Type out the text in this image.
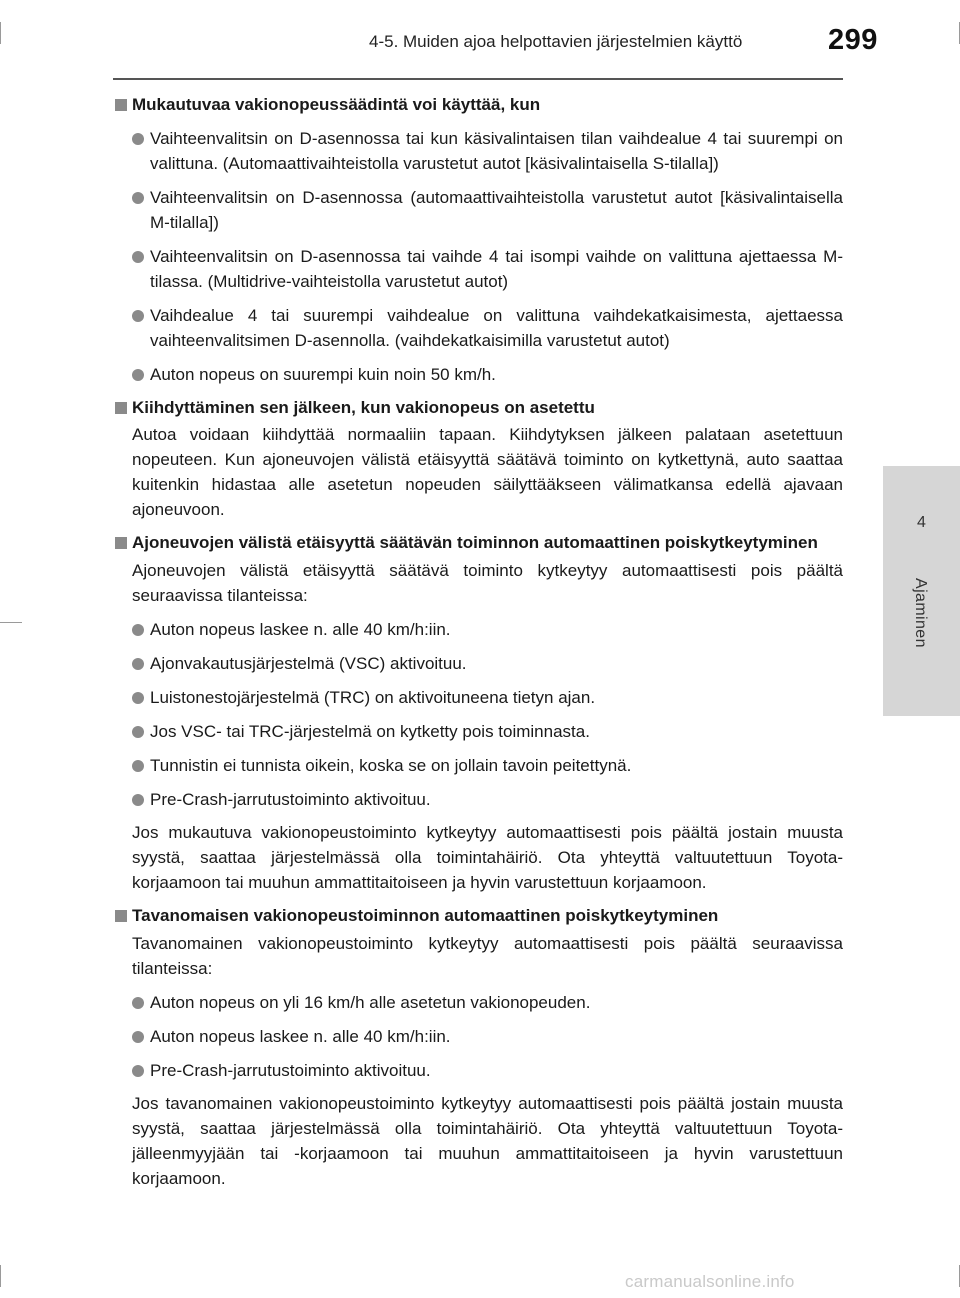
4-5. Muiden ajoa helpottavien järjestelmien käyttö	299
4
Ajaminen
Mukautuvaa vakionopeussäädintä voi käyttää, kun
Vaihteenvalitsin on D-asennossa tai kun käsivalintaisen tilan vaihdealue 4 tai suurempi on valittuna. (Automaattivaihteistolla varustetut autot [käsivalintaisella S-tilalla])
Vaihteenvalitsin on D-asennossa (automaattivaihteistolla varustetut autot [käsivalintaisella M-tilalla])
Vaihteenvalitsin on D-asennossa tai vaihde 4 tai isompi vaihde on valittuna ajettaessa M-tilassa. (Multidrive-vaihteistolla varustetut autot)
Vaihdealue 4 tai suurempi vaihdealue on valittuna vaihdekatkaisimesta, ajettaessa vaihteenvalitsimen D-asennolla. (vaihdekatkaisimilla varustetut autot)
Auton nopeus on suurempi kuin noin 50 km/h.
Kiihdyttäminen sen jälkeen, kun vakionopeus on asetettu
Autoa voidaan kiihdyttää normaaliin tapaan. Kiihdytyksen jälkeen palataan asetettuun nopeuteen. Kun ajoneuvojen välistä etäisyyttä säätävä toiminto on kytkettynä, auto saattaa kuitenkin hidastaa alle asetetun nopeuden säilyttääkseen välimatkansa edellä ajavaan ajoneuvoon.
Ajoneuvojen välistä etäisyyttä säätävän toiminnon automaattinen poiskytkeytyminen
Ajoneuvojen välistä etäisyyttä säätävä toiminto kytkeytyy automaattisesti pois päältä seuraavissa tilanteissa:
Auton nopeus laskee n. alle 40 km/h:iin.
Ajonvakautusjärjestelmä (VSC) aktivoituu.
Luistonestojärjestelmä (TRC) on aktivoituneena tietyn ajan.
Jos VSC- tai TRC-järjestelmä on kytketty pois toiminnasta.
Tunnistin ei tunnista oikein, koska se on jollain tavoin peitettynä.
Pre-Crash-jarrutustoiminto aktivoituu.
Jos mukautuva vakionopeustoiminto kytkeytyy automaattisesti pois päältä jostain muusta syystä, saattaa järjestelmässä olla toimintahäiriö. Ota yhteyttä valtuutettuun Toyota-korjaamoon tai muuhun ammattitaitoiseen ja hyvin varustettuun korjaamoon.
Tavanomaisen vakionopeustoiminnon automaattinen poiskytkeytyminen
Tavanomainen vakionopeustoiminto kytkeytyy automaattisesti pois päältä seuraavissa tilanteissa:
Auton nopeus on yli 16 km/h alle asetetun vakionopeuden.
Auton nopeus laskee n. alle 40 km/h:iin.
Pre-Crash-jarrutustoiminto aktivoituu.
Jos tavanomainen vakionopeustoiminto kytkeytyy automaattisesti pois päältä jostain muusta syystä, saattaa järjestelmässä olla toimintahäiriö. Ota yhteyttä valtuutettuun Toyota-jälleenmyyjään tai -korjaamoon tai muuhun ammattitaitoiseen ja hyvin varustettuun korjaamoon.
carmanualsonline.info
